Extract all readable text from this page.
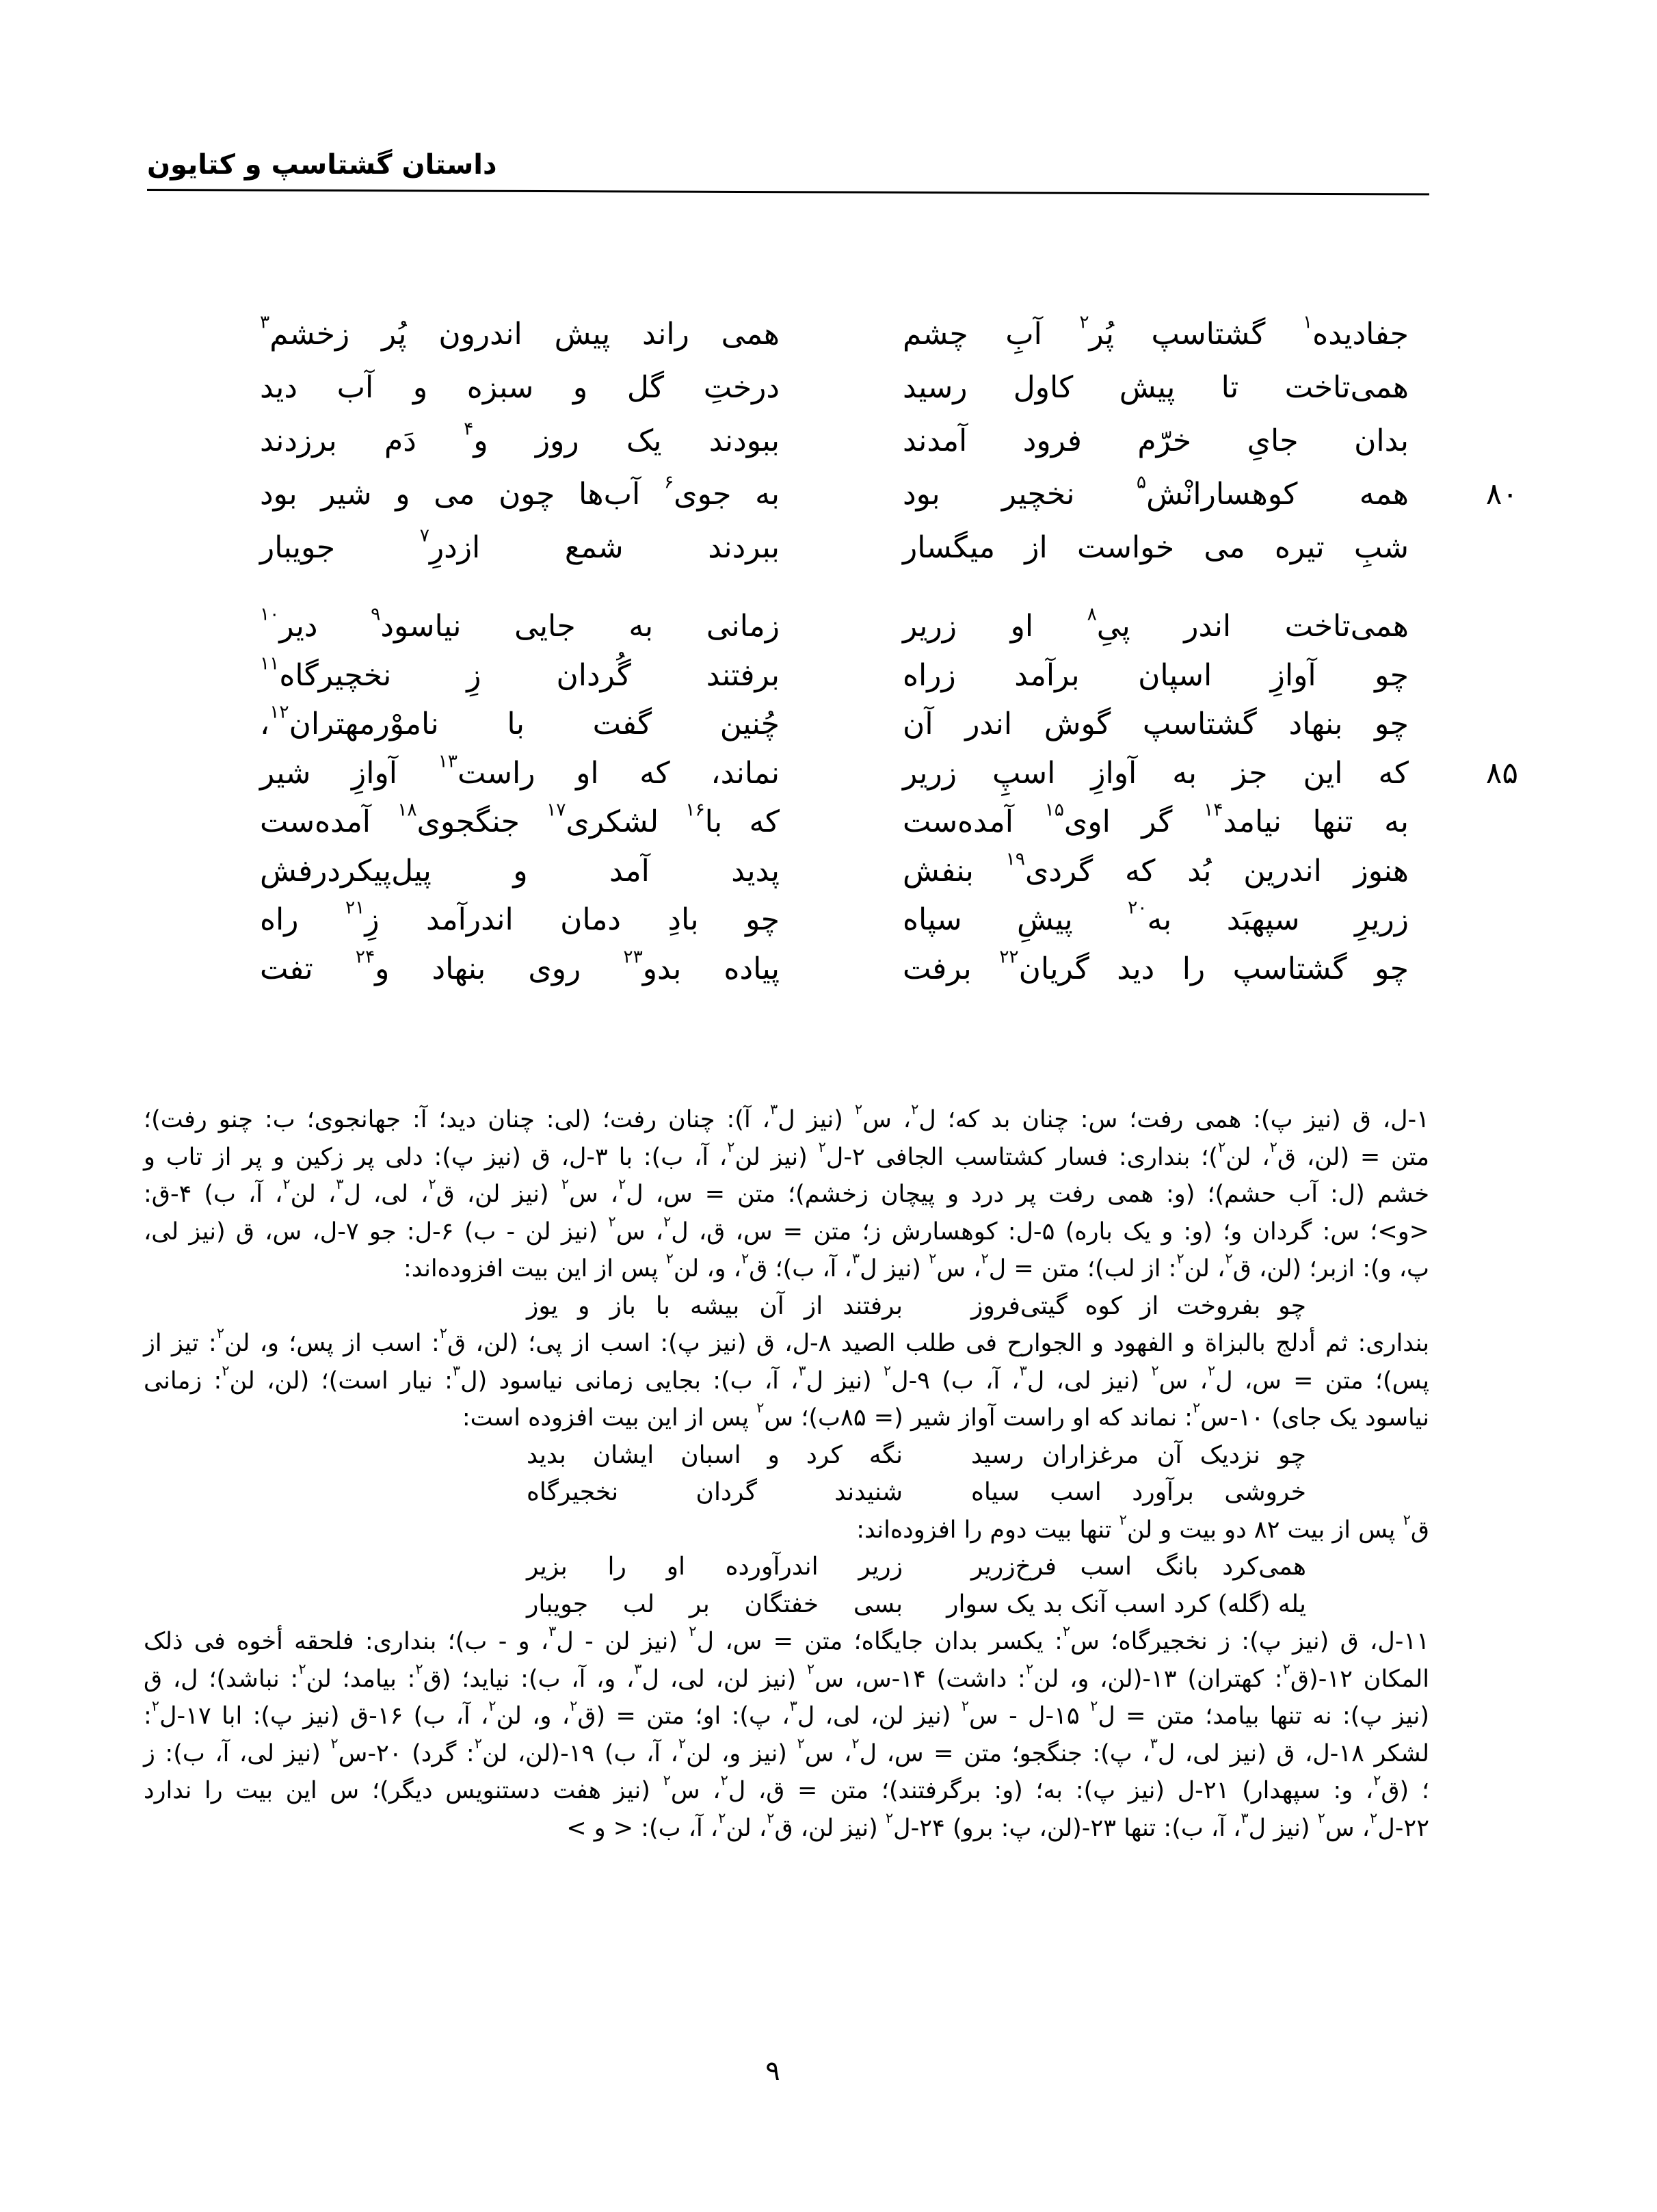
داستان گشتاسپ و کتایون
جفادیده$^۱$ گشتاسپ پُر$^۲$ آبِ چشم
همی راند پیش اندرون پُر زخشم$^۳$
همی‌تاخت تا پیش کاول رسید
درختِ گل و سبزه و آب دید
بدان جایِ خرّم فرود آمدند
ببودند یک روز و$^۴$ دَم برزدند
۸۰
همه کوهسارانْش$^۵$ نخچیر بود
به جوی$^۶$ آب‌ها چون می و شیر بود
شبِ تیره می خواست از میگسار
ببردند شمع ازدرِ$^۷$ جویبار
همی‌تاخت اندر پیِ$^۸$ او زریر
زمانی به جایی نیاسود$^۹$ دیر$^{۱۰}$
چو آوازِ اسپان برآمد زراه
برفتند گُردان زِ نخچیرگاه$^{۱۱}$
چو بنهاد گشتاسپ گوش اندر آن
چُنین گفت با ناموْرمهتران$^{۱۲}$،
۸۵
که این جز به آوازِ اسپِ زریر
نماند، که او راست$^{۱۳}$ آوازِ شیر
به تنها نیامد$^{۱۴}$ گر اوی$^{۱۵}$ آمده‌ست
که با$^{۱۶}$ لشکری$^{۱۷}$ جنگجوی$^{۱۸}$ آمده‌ست
هنوز اندرین بُد که گردی$^{۱۹}$ بنفش
پدید آمد و پیل‌پیکردرفش
زریرِ سپهبَد به$^{۲۰}$ پیشِ سپاه
چو بادِ دمان اندرآمد زِ$^{۲۱}$ راه
چو گشتاسپ را دید گریان$^{۲۲}$ برفت
پیاده بدو$^{۲۳}$ روی بنهاد و$^{۲۴}$ تفت
۱-ل، ق (نیز پ): همی رفت؛ س: چنان بد که؛ ل$^۲$، س$^۲$ (نیز ل$^۳$، آ): چنان رفت؛ (لی: چنان دید؛ آ: جهانجوی؛ ب: چنو رفت)؛
متن = (لن، ق$^۲$، لن$^۲$)؛ بنداری: فسار کشتاسب الجافی ۲-ل$^۲$ (نیز لن$^۲$، آ، ب): با ۳-ل، ق (نیز پ): دلی پر زکین و پر از تاب و
خشم (ل: آب حشم)؛ (و: همی رفت پر درد و پیچان زخشم)؛ متن = س، ل$^۲$، س$^۲$ (نیز لن، ق$^۲$، لی، ل$^۳$، لن$^۲$، آ، ب) ۴-ق:
<و>؛ س: گردان و؛ (و: و یک باره) ۵-ل: کوهسارش ز؛ متن = س، ق، ل$^۲$، س$^۲$ (نیز لن - ب) ۶-ل: جو ۷-ل، س، ق (نیز لی،
پ، و): ازبر؛ (لن، ق$^۲$، لن$^۲$: از لب)؛ متن = ل$^۲$، س$^۲$ (نیز ل$^۳$، آ، ب)؛ ق$^۲$، و، لن$^۲$ پس از این بیت افزوده‌اند:
چو بفروخت از کوه گیتی‌فروز
برفتند از آن بیشه با باز و یوز
بنداری: ثم أدلج بالبزاة و الفهود و الجوارح فی طلب الصید ۸-ل، ق (نیز پ): اسب از پی؛ (لن، ق$^۲$: اسب از پس؛ و، لن$^۲$: تیز از
پس)؛ متن = س، ل$^۲$، س$^۲$ (نیز لی، ل$^۳$، آ، ب) ۹-ل$^۲$ (نیز ل$^۳$، آ، ب): بجایی زمانی نیاسود (ل$^۳$: نیار است)؛ (لن، لن$^۲$: زمانی
نیاسود یک جای) ۱۰-س$^۲$: نماند که او راست آواز شیر (= ۸۵ب)؛ س$^۲$ پس از این بیت افزوده است:
چو نزدیک آن مرغزاران رسید
نگه کرد و اسبان ایشان بدید
خروشی برآورد اسب سیاه
شنیدند گردان نخجیرگاه
ق$^۲$ پس از بیت ۸۲ دو بیت و لن$^۲$ تنها بیت دوم را افزوده‌اند:
همی‌کرد بانگ اسب فرخ‌زریر
زریر اندرآورده او را بزیر
یله (گله) کرد اسب آنک بد یک سوار
بسی خفتگان بر لب جویبار
۱۱-ل، ق (نیز پ): ز نخجیرگاه؛ س$^۲$: یکسر بدان جایگاه؛ متن = س، ل$^۲$ (نیز لن - ل$^۳$، و - ب)؛ بنداری: فلحقه أخوه فی ذلک
المکان ۱۲-(ق$^۲$: کهتران) ۱۳-(لن، و، لن$^۲$: داشت) ۱۴-س، س$^۲$ (نیز لن، لی، ل$^۳$، و، آ، ب): نیاید؛ (ق$^۲$: بیامد؛ لن$^۲$: نباشد)؛ ل، ق
(نیز پ): نه تنها بیامد؛ متن = ل$^۲$ ۱۵-ل - س$^۲$ (نیز لن، لی، ل$^۳$، پ): او؛ متن = (ق$^۲$، و، لن$^۲$، آ، ب) ۱۶-ق (نیز پ): ابا ۱۷-ل$^۲$:
لشکر ۱۸-ل، ق (نیز لی، ل$^۳$، پ): جنگجو؛ متن = س، ل$^۲$، س$^۲$ (نیز و، لن$^۲$، آ، ب) ۱۹-(لن، لن$^۲$: گرد) ۲۰-س$^۲$ (نیز لی، آ، ب): ز
؛ (ق$^۲$، و: سپهدار) ۲۱-ل (نیز پ): به؛ (و: برگرفتند)؛ متن = ق، ل$^۲$، س$^۲$ (نیز هفت دستنویس دیگر)؛ س این بیت را ندارد
۲۲-ل$^۲$، س$^۲$ (نیز ل$^۳$، آ، ب): تنها ۲۳-(لن، پ: برو) ۲۴-ل$^۲$ (نیز لن، ق$^۲$، لن$^۲$، آ، ب): < و >
۹
